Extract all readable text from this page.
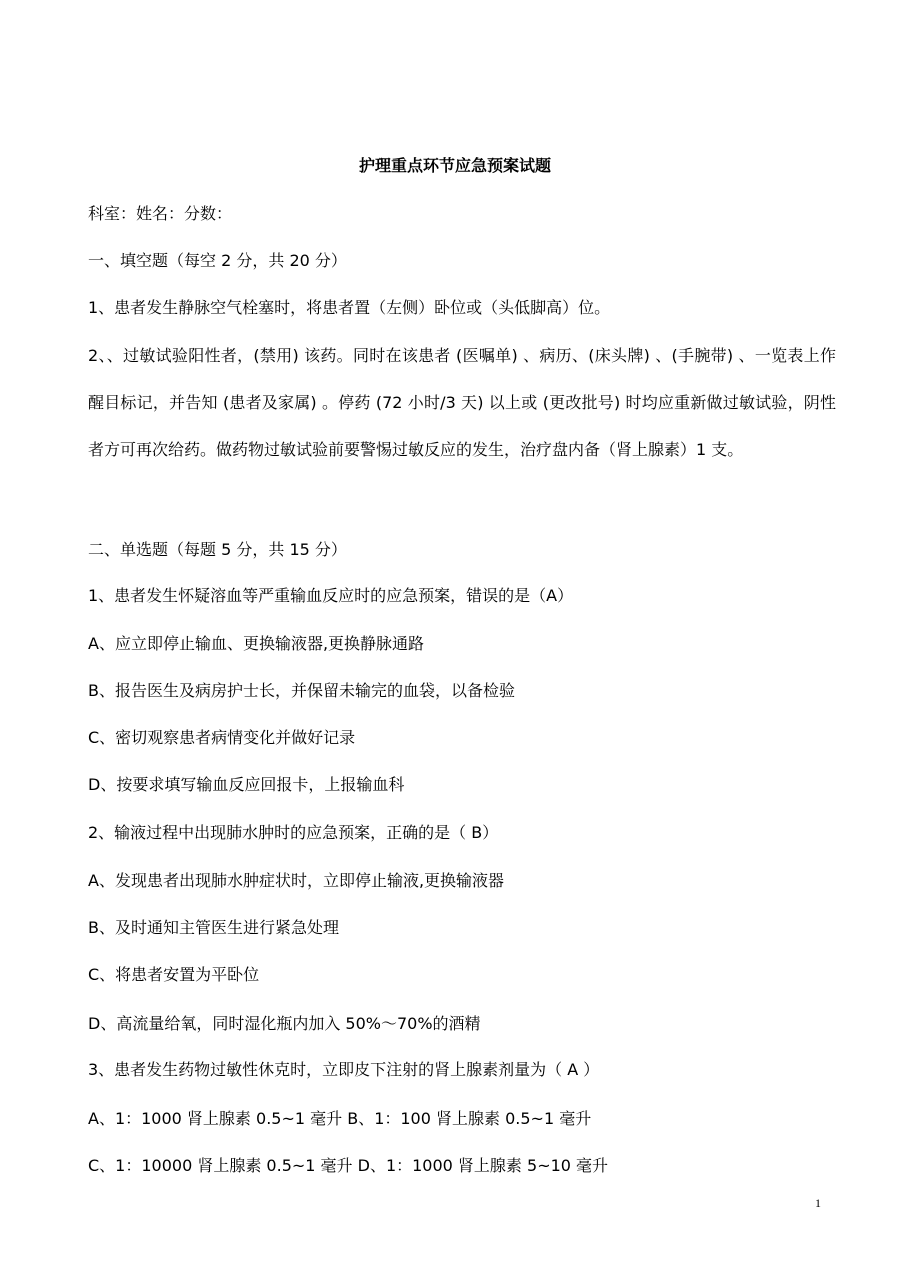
护理重点环节应急预案试题
科室：姓名：分数：
一、填空题（每空 2 分，共 20 分）
1、患者发生静脉空气栓塞时，将患者置（左侧）卧位或（头低脚高）位。
2、、过敏试验阳性者，(禁用) 该药。同时在该患者 (医嘱单) 、病历、(床头牌) 、(手腕带) 、一览表上作醒目标记，并告知 (患者及家属) 。停药 (72 小时/3 天) 以上或 (更改批号) 时均应重新做过敏试验，阴性者方可再次给药。做药物过敏试验前要警惕过敏反应的发生，治疗盘内备（肾上腺素）1 支。
二、单选题（每题 5 分，共 15 分）
1、患者发生怀疑溶血等严重输血反应时的应急预案，错误的是（A）
A、应立即停止输血、更换输液器,更换静脉通路
B、报告医生及病房护士长，并保留未输完的血袋，以备检验
C、密切观察患者病情变化并做好记录
D、按要求填写输血反应回报卡，上报输血科
2、输液过程中出现肺水肿时的应急预案，正确的是（ B）
A、发现患者出现肺水肿症状时，立即停止输液,更换输液器
B、及时通知主管医生进行紧急处理
C、将患者安置为平卧位
D、高流量给氧，同时湿化瓶内加入 50%～70%的酒精
3、患者发生药物过敏性休克时，立即皮下注射的肾上腺素剂量为（ A ）
A、1：1000 肾上腺素 0.5~1 毫升 B、1：100 肾上腺素 0.5~1 毫升
C、1：10000 肾上腺素 0.5~1 毫升 D、1：1000 肾上腺素 5~10 毫升
1
